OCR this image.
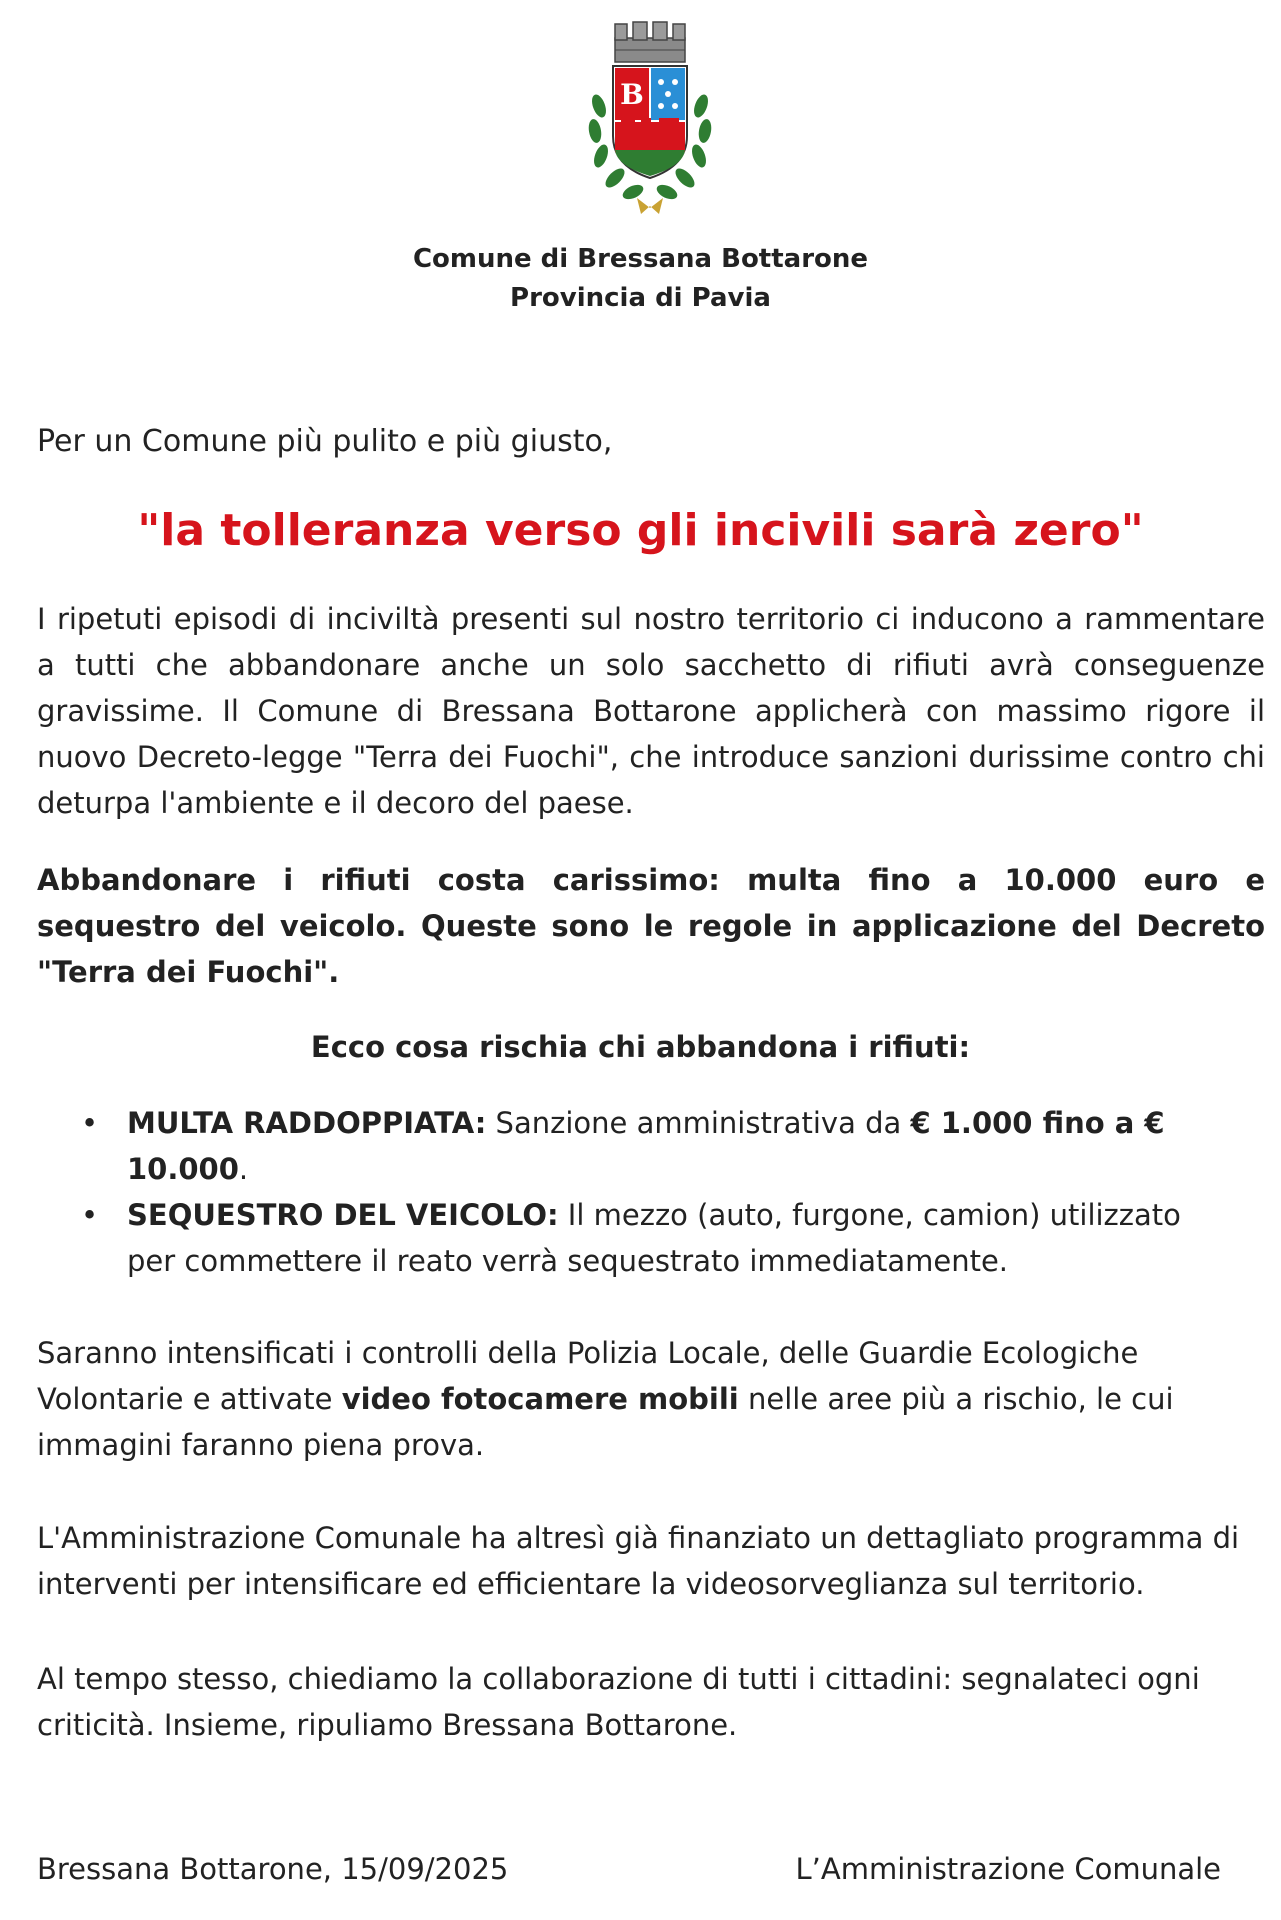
B
Comune di Bressana Bottarone
Provincia di Pavia
Per un Comune più pulito e più giusto,
"la tolleranza verso gli incivili sarà zero"

I ripetuti episodi di inciviltà presenti sul nostro territorio ci inducono a rammentare a tutti che abbandonare anche un solo sacchetto di rifiuti avrà conseguenze gravissime. Il Comune di Bressana Bottarone applicherà con massimo rigore il nuovo Decreto-legge "Terra dei Fuochi", che introduce sanzioni durissime contro chi deturpa l'ambiente e il decoro del paese.

Abbandonare i rifiuti costa carissimo: multa fino a 10.000 euro e sequestro del veicolo. Queste sono le regole in applicazione del Decreto "Terra dei Fuochi".

Ecco cosa rischia chi abbandona i rifiuti:
• MULTA RADDOPPIATA: Sanzione amministrativa da € 1.000 fino a € 10.000.
• SEQUESTRO DEL VEICOLO: Il mezzo (auto, furgone, camion) utilizzato per commettere il reato verrà sequestrato immediatamente.

Saranno intensificati i controlli della Polizia Locale, delle Guardie Ecologiche Volontarie e attivate video fotocamere mobili nelle aree più a rischio, le cui immagini faranno piena prova.

L'Amministrazione Comunale ha altresì già finanziato un dettagliato programma di interventi per intensificare ed efficientare la videosorveglianza sul territorio.

Al tempo stesso, chiediamo la collaborazione di tutti i cittadini: segnalateci ogni criticità. Insieme, ripuliamo Bressana Bottarone.

Bressana Bottarone, 15/09/2025	L’Amministrazione Comunale
